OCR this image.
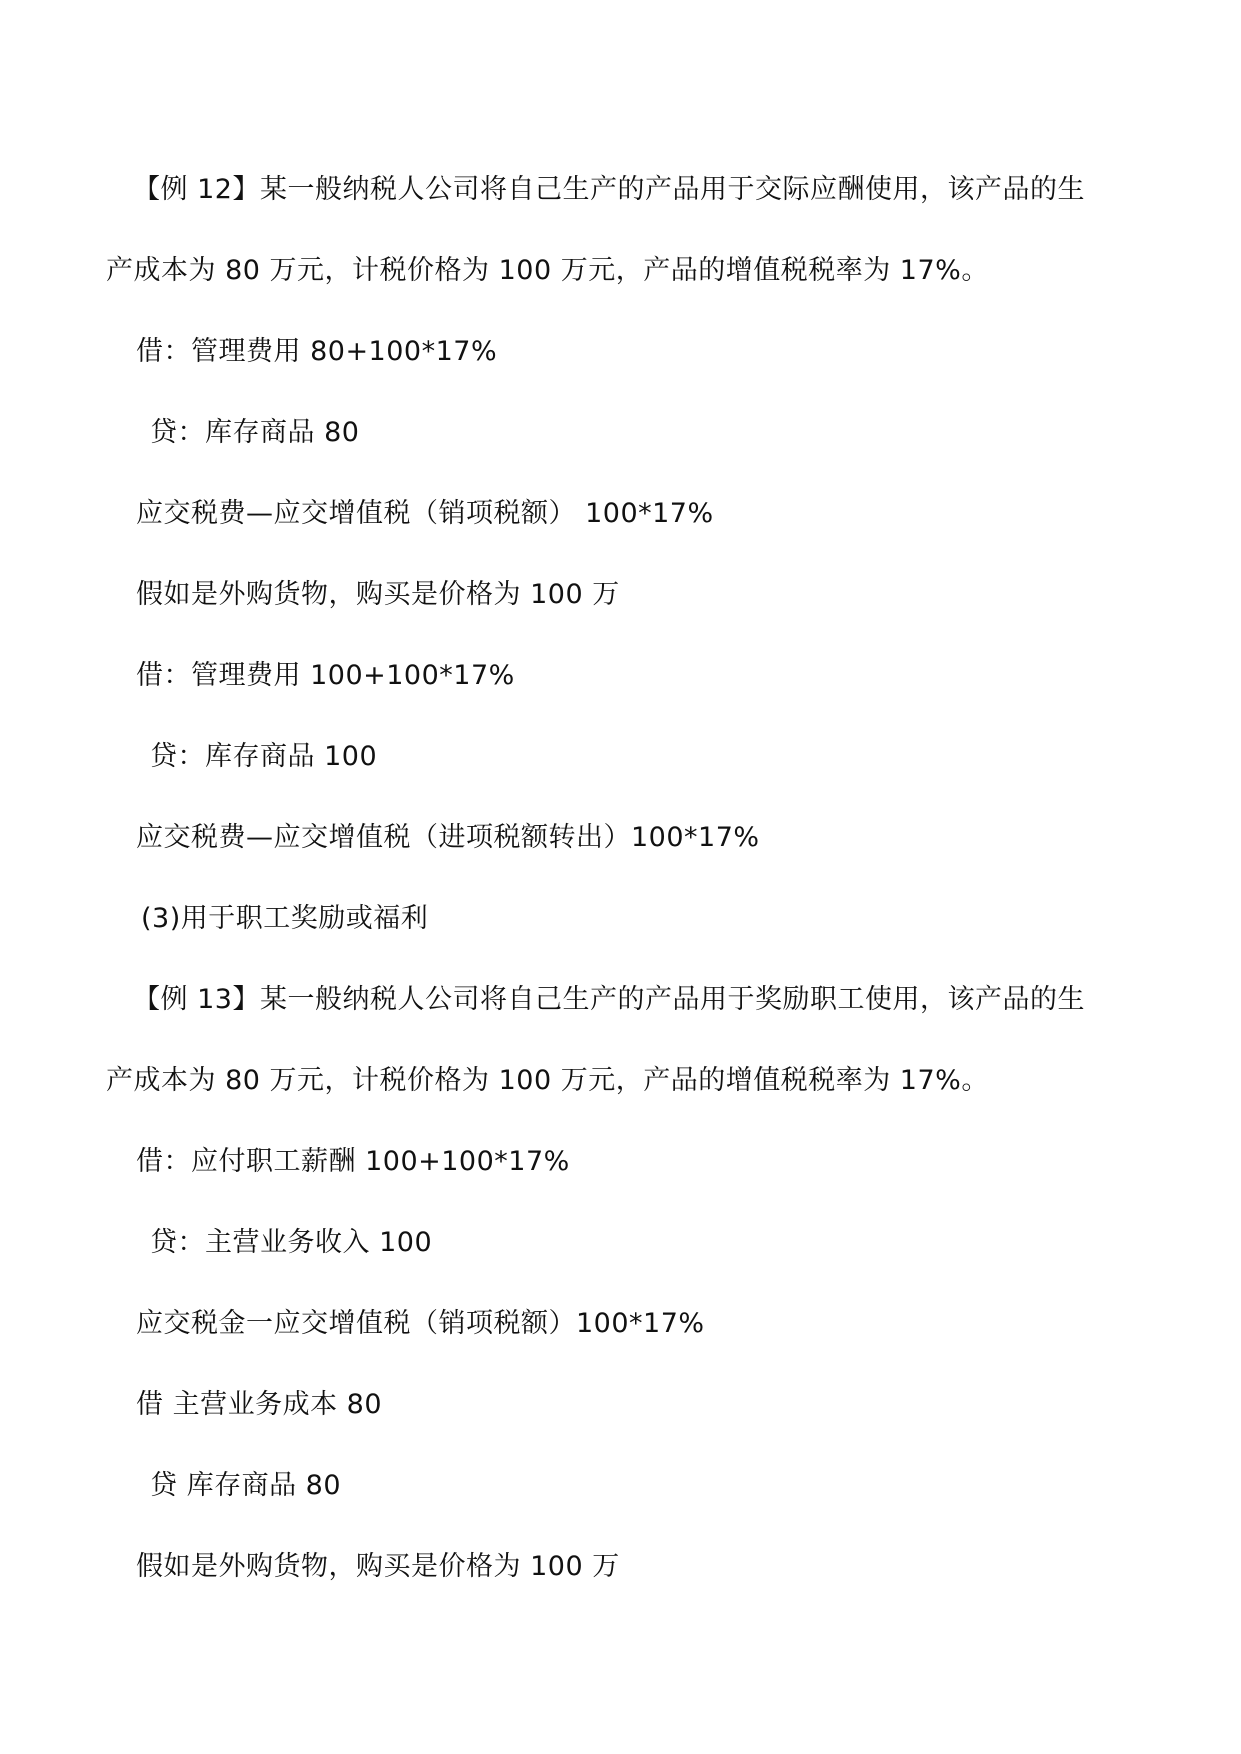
【例 12】某一般纳税人公司将自己生产的产品用于交际应酬使用，该产品的生
产成本为 80 万元，计税价格为 100 万元，产品的增值税税率为 17%。
借：管理费用 80+100*17%
贷：库存商品 80
应交税费—应交增值税（销项税额） 100*17%
假如是外购货物，购买是价格为 100 万
借：管理费用 100+100*17%
贷：库存商品 100
应交税费—应交增值税（进项税额转出）100*17%
(3)用于职工奖励或福利
【例 13】某一般纳税人公司将自己生产的产品用于奖励职工使用，该产品的生
产成本为 80 万元，计税价格为 100 万元，产品的增值税税率为 17%。
借：应付职工薪酬 100+100*17%
贷：主营业务收入 100
应交税金一应交增值税（销项税额）100*17%
借 主营业务成本 80
贷 库存商品 80
假如是外购货物，购买是价格为 100 万
